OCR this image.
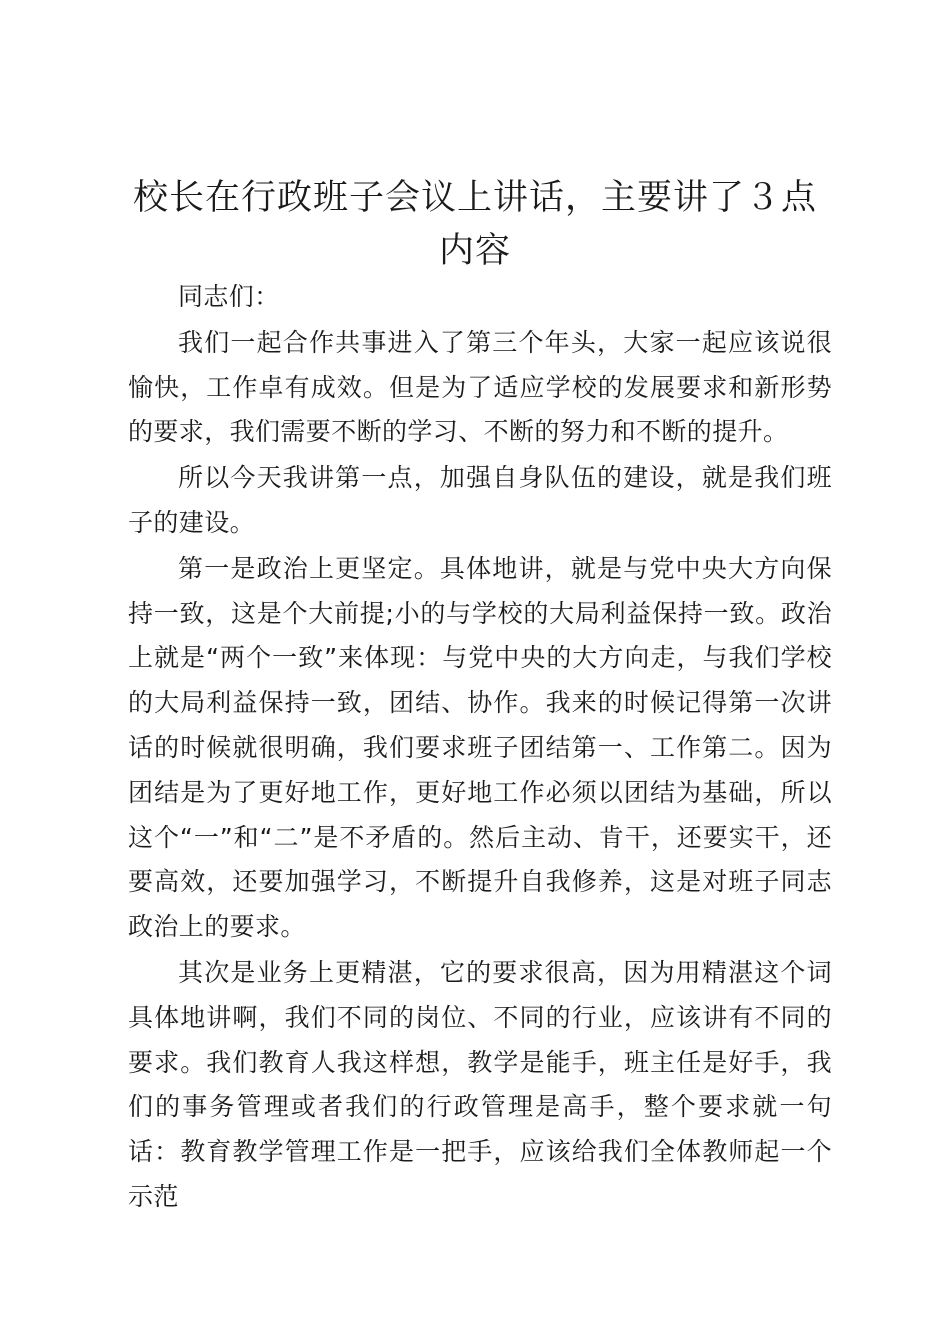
校长在行政班子会议上讲话，主要讲了３点内容

同志们：

我们一起合作共事进入了第三个年头，大家一起应该说很愉快，工作卓有成效。但是为了适应学校的发展要求和新形势的要求，我们需要不断的学习、不断的努力和不断的提升。

所以今天我讲第一点，加强自身队伍的建设，就是我们班子的建设。

第一是政治上更坚定。具体地讲，就是与党中央大方向保持一致，这是个大前提;小的与学校的大局利益保持一致。政治上就是“两个一致”来体现：与党中央的大方向走，与我们学校的大局利益保持一致，团结、协作。我来的时候记得第一次讲话的时候就很明确，我们要求班子团结第一、工作第二。因为团结是为了更好地工作，更好地工作必须以团结为基础，所以这个“一”和“二”是不矛盾的。然后主动、肯干，还要实干，还要高效，还要加强学习，不断提升自我修养，这是对班子同志政治上的要求。

其次是业务上更精湛，它的要求很高，因为用精湛这个词具体地讲啊，我们不同的岗位、不同的行业，应该讲有不同的要求。我们教育人我这样想，教学是能手，班主任是好手，我们的事务管理或者我们的行政管理是高手，整个要求就一句话：教育教学管理工作是一把手，应该给我们全体教师起一个示范
